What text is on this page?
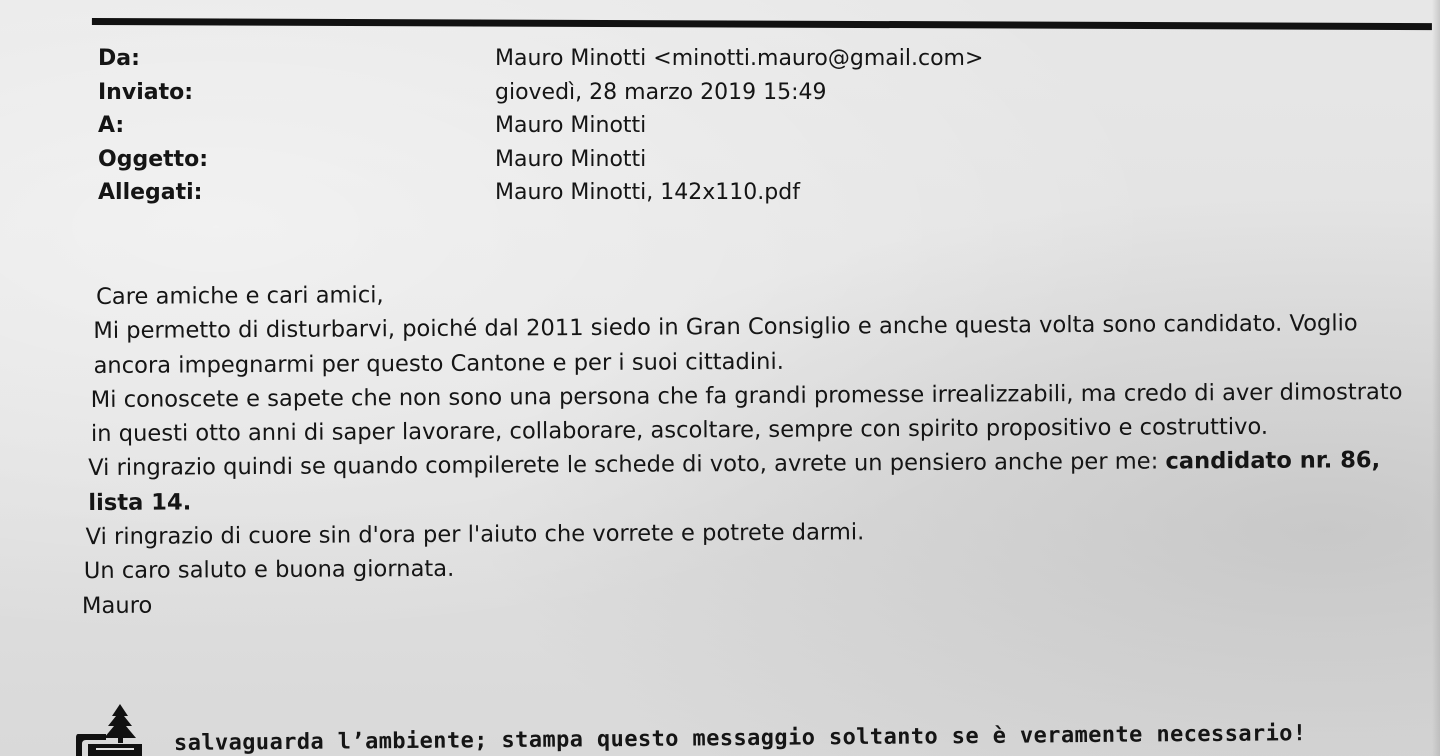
Da:	Mauro Minotti <minotti.mauro@gmail.com>
Inviato:	giovedì, 28 marzo 2019 15:49
A:	Mauro Minotti
Oggetto:	Mauro Minotti
Allegati:	Mauro Minotti, 142x110.pdf

Care amiche e cari amici,

Mi permetto di disturbarvi, poiché dal 2011 siedo in Gran Consiglio e anche questa volta sono candidato. Voglio

ancora impegnarmi per questo Cantone e per i suoi cittadini.

Mi conoscete e sapete che non sono una persona che fa grandi promesse irrealizzabili, ma credo di aver dimostrato

in questi otto anni di saper lavorare, collaborare, ascoltare, sempre con spirito propositivo e costruttivo.

Vi ringrazio quindi se quando compilerete le schede di voto, avrete un pensiero anche per me: candidato nr. 86,

lista 14.

Vi ringrazio di cuore sin d'ora per l'aiuto che vorrete e potrete darmi.

Un caro saluto e buona giornata.

Mauro

salvaguarda l’ambiente; stampa questo messaggio soltanto se è veramente necessario!
